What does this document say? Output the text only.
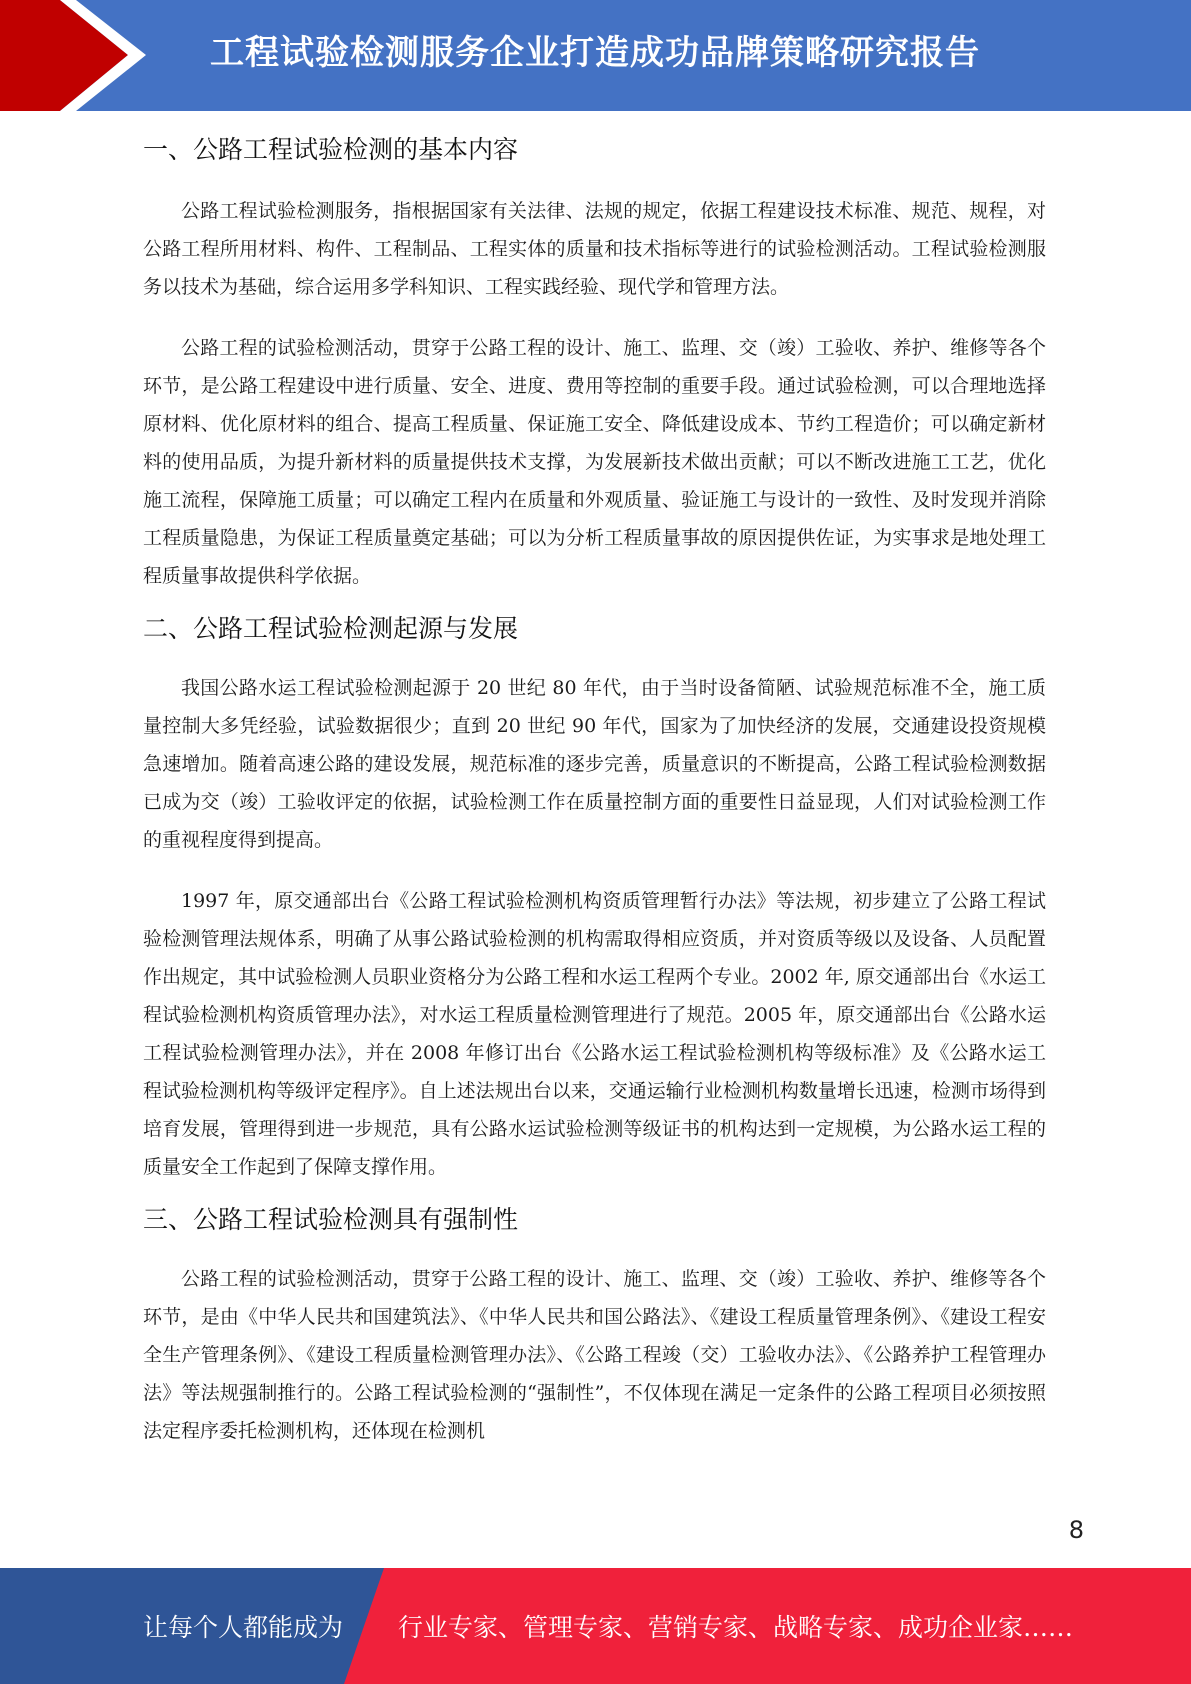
工程试验检测服务企业打造成功品牌策略研究报告
一、公路工程试验检测的基本内容

公路工程试验检测服务，指根据国家有关法律、法规的规定，依据工程建设技术标准、规范、规程，对公路工程所用材料、构件、工程制品、工程实体的质量和技术指标等进行的试验检测活动。工程试验检测服务以技术为基础，综合运用多学科知识、工程实践经验、现代学和管理方法。

公路工程的试验检测活动，贯穿于公路工程的设计、施工、监理、交（竣）工验收、养护、维修等各个环节，是公路工程建设中进行质量、安全、进度、费用等控制的重要手段。通过试验检测，可以合理地选择原材料、优化原材料的组合、提高工程质量、保证施工安全、降低建设成本、节约工程造价；可以确定新材料的使用品质，为提升新材料的质量提供技术支撑，为发展新技术做出贡献；可以不断改进施工工艺，优化施工流程，保障施工质量；可以确定工程内在质量和外观质量、验证施工与设计的一致性、及时发现并消除工程质量隐患，为保证工程质量奠定基础；可以为分析工程质量事故的原因提供佐证，为实事求是地处理工程质量事故提供科学依据。

二、公路工程试验检测起源与发展

我国公路水运工程试验检测起源于 20 世纪 80 年代，由于当时设备简陋、试验规范标准不全，施工质量控制大多凭经验，试验数据很少；直到 20 世纪 90 年代，国家为了加快经济的发展，交通建设投资规模急速增加。随着高速公路的建设发展，规范标准的逐步完善，质量意识的不断提高，公路工程试验检测数据已成为交（竣）工验收评定的依据，试验检测工作在质量控制方面的重要性日益显现，人们对试验检测工作的重视程度得到提高。

1997 年，原交通部出台《公路工程试验检测机构资质管理暂行办法》等法规，初步建立了公路工程试验检测管理法规体系，明确了从事公路试验检测的机构需取得相应资质，并对资质等级以及设备、人员配置作出规定，其中试验检测人员职业资格分为公路工程和水运工程两个专业。2002 年, 原交通部出台《水运工程试验检测机构资质管理办法》，对水运工程质量检测管理进行了规范。2005 年，原交通部出台《公路水运工程试验检测管理办法》，并在 2008 年修订出台《公路水运工程试验检测机构等级标准》及《公路水运工程试验检测机构等级评定程序》。自上述法规出台以来，交通运输行业检测机构数量增长迅速，检测市场得到培育发展，管理得到进一步规范，具有公路水运试验检测等级证书的机构达到一定规模，为公路水运工程的质量安全工作起到了保障支撑作用。

三、公路工程试验检测具有强制性

公路工程的试验检测活动，贯穿于公路工程的设计、施工、监理、交（竣）工验收、养护、维修等各个环节，是由《中华人民共和国建筑法》、《中华人民共和国公路法》、《建设工程质量管理条例》、《建设工程安全生产管理条例》、《建设工程质量检测管理办法》、《公路工程竣（交）工验收办法》、《公路养护工程管理办法》等法规强制推行的。公路工程试验检测的“强制性”，不仅体现在满足一定条件的公路工程项目必须按照法定程序委托检测机构，还体现在检测机

8
让每个人都能成为 行业专家、管理专家、营销专家、战略专家、成功企业家……
